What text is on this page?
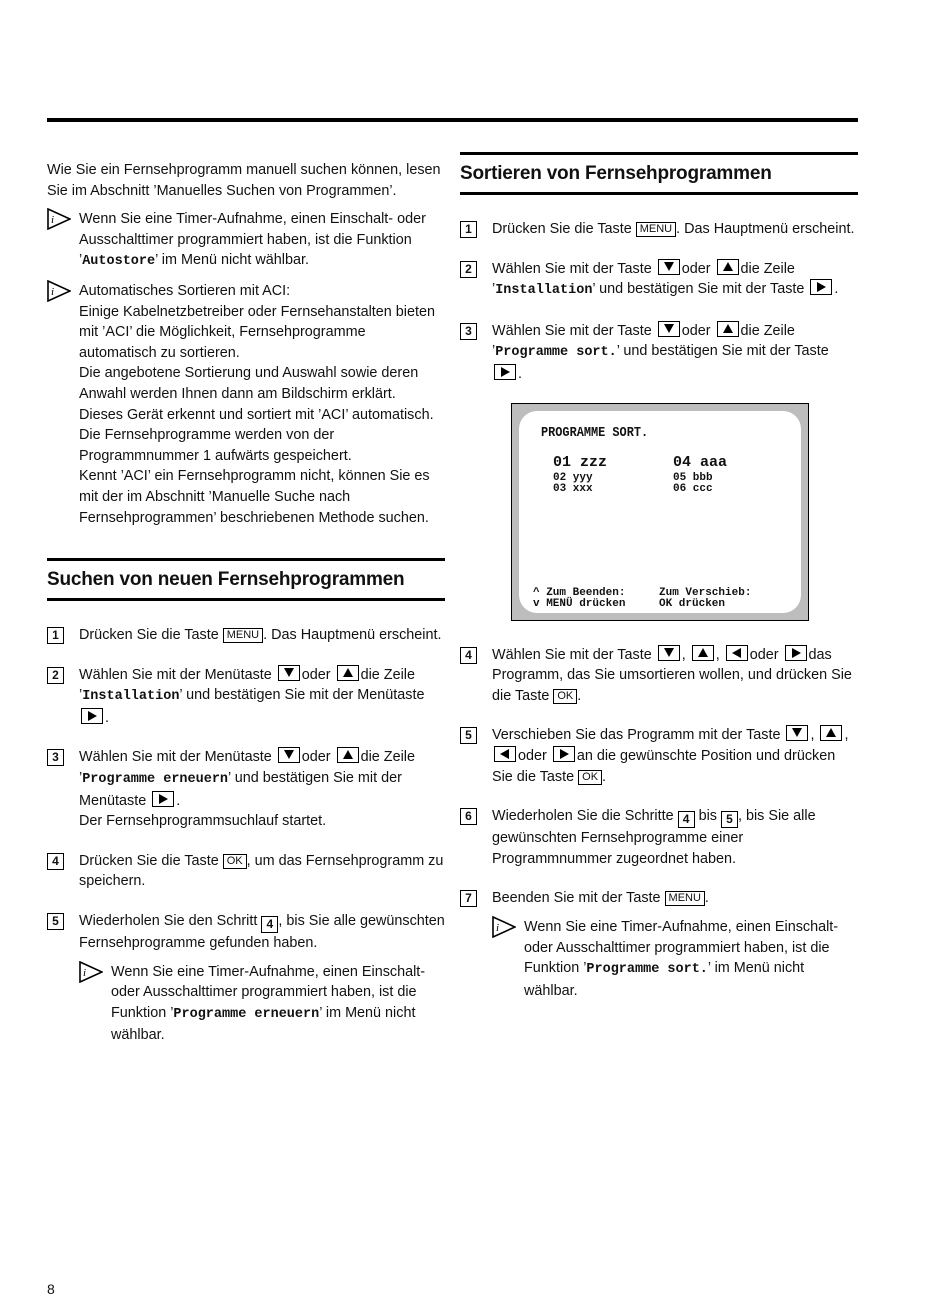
Wie Sie ein Fernsehprogramm manuell suchen können, lesen Sie im Abschnitt ’Manuelles Suchen von Programmen’.

i Wenn Sie eine Timer-Aufnahme, einen Einschalt- oder Ausschalttimer programmiert haben, ist die Funktion ’Autostore’ im Menü nicht wählbar.
i Automatisches Sortieren mit ACI:
Einige Kabelnetzbetreiber oder Fernsehanstalten bieten mit ’ACI’ die Möglichkeit, Fernsehprogramme automatisch zu sortieren.
Die angebotene Sortierung und Auswahl sowie deren Anwahl werden Ihnen dann am Bildschirm erklärt.
Dieses Gerät erkennt und sortiert mit ’ACI’ automatisch.
Die Fernsehprogramme werden von der Programmnummer 1 aufwärts gespeichert.
Kennt ’ACI’ ein Fernsehprogramm nicht, können Sie es mit der im Abschnitt ’Manuelle Suche nach Fernsehprogrammen’ beschriebenen Methode suchen.
Suchen von neuen Fernsehprogrammen
1	Drücken Sie die Taste MENU . Das Hauptmenü erscheint.
2	Wählen Sie mit der Menütaste
oder
die Zeile ’Installation’ und bestätigen Sie mit der Menütaste
.
3	Wählen Sie mit der Menütaste
oder
die Zeile ’Programme erneuern’ und bestätigen Sie mit der Menütaste
.
Der Fernsehprogrammsuchlauf startet.
4	Drücken Sie die Taste OK , um das Fernsehprogramm zu speichern.
5	Wiederholen Sie den Schritt 4 , bis Sie alle gewünschten Fernsehprogramme gefunden haben.
i Wenn Sie eine Timer-Aufnahme, einen Einschalt- oder Ausschalttimer programmiert haben, ist die Funktion ’Programme erneuern’ im Menü nicht wählbar.
Sortieren von Fernsehprogrammen
1	Drücken Sie die Taste MENU . Das Hauptmenü erscheint.
2	Wählen Sie mit der Taste
oder
die Zeile ’Installation’ und bestätigen Sie mit der Taste
.
3	Wählen Sie mit der Taste
oder
die Zeile ’Programme sort.’ und bestätigen Sie mit der Taste
.
PROGRAMME SORT.
01 zzz	04 aaa
02 yyy
03 xxx
05 bbb
06 ccc
^ Zum Beenden:
v MENÜ drücken
Zum Verschieb:
OK drücken
4	Wählen Sie mit der Taste
,
,
oder
das Programm, das Sie umsortieren wollen, und drücken Sie die Taste OK .
5	Verschieben Sie das Programm mit der Taste
,
,
oder
an die gewünschte Position und drücken Sie die Taste OK .
6	Wiederholen Sie die Schritte 4 bis 5 , bis Sie alle gewünschten Fernsehprogramme einer Programmnummer zugeordnet haben.
7	Beenden Sie mit der Taste MENU .
i Wenn Sie eine Timer-Aufnahme, einen Einschalt- oder Ausschalttimer programmiert haben, ist die Funktion ’Programme sort.’ im Menü nicht wählbar.
8
